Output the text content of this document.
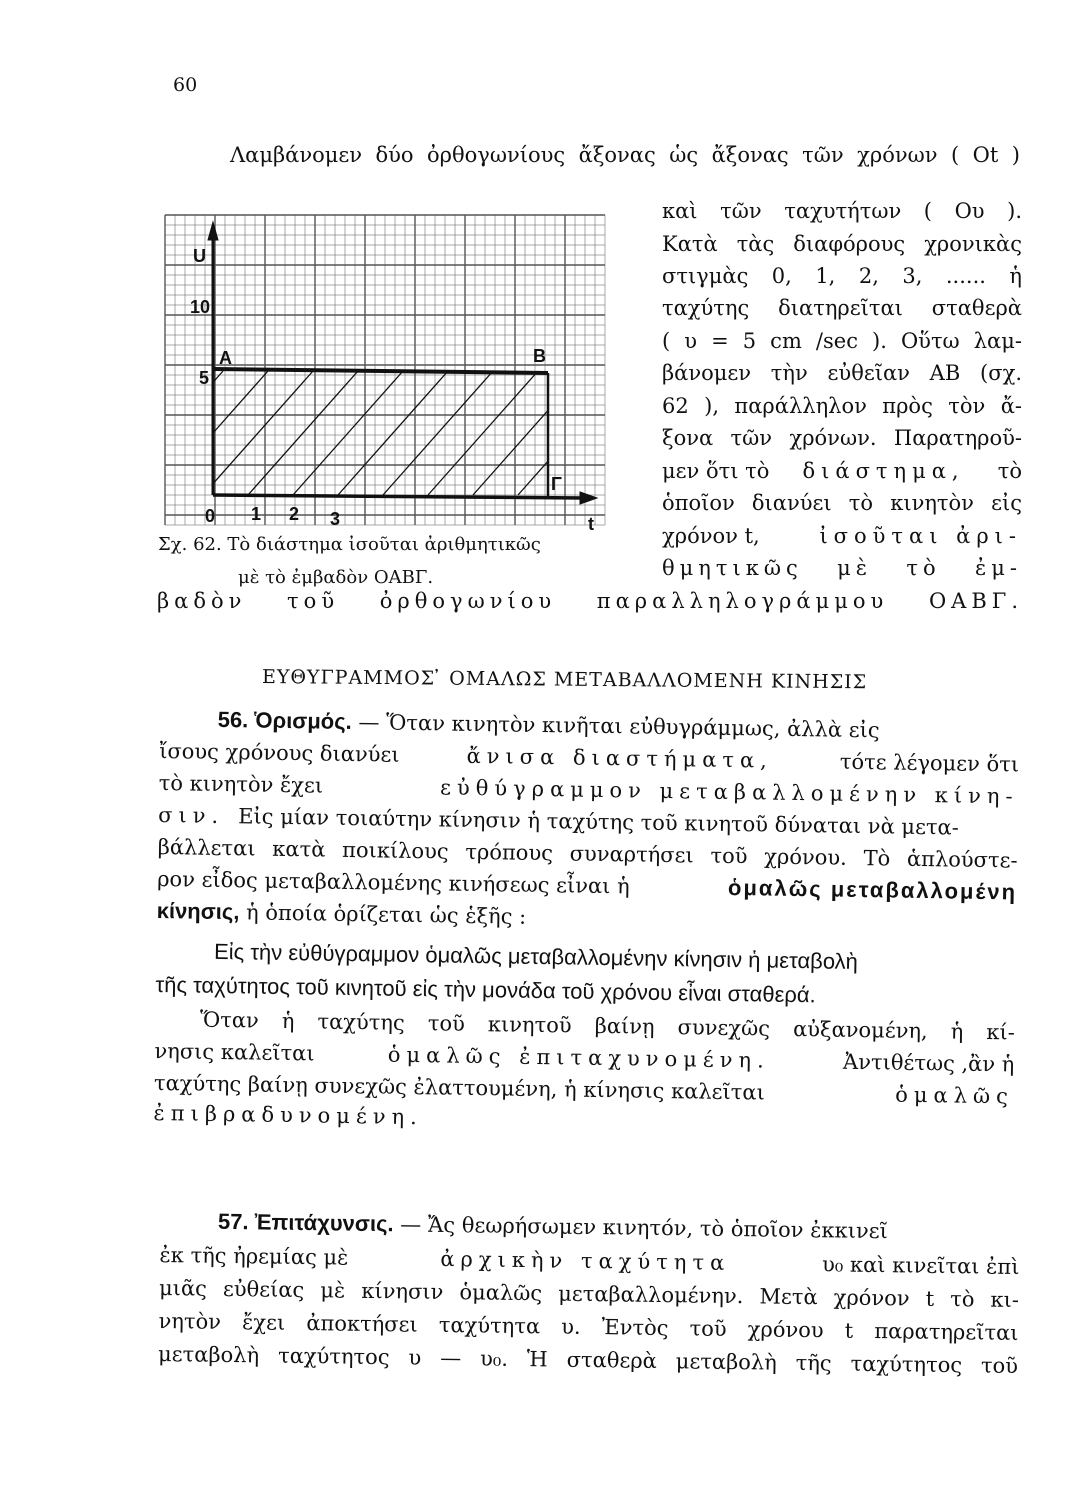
60
Λαμβάνομεν δύο ὀρθογωνίους ἄξονας ὡς ἄξονας τῶν χρόνων ( Οt )
καὶ τῶν ταχυτήτων ( Ου ).
Κατὰ τὰς διαφόρους χρονικὰς
στιγμὰς 0, 1, 2, 3, ...... ἡ
ταχύτης διατηρεῖται σταθερὰ
( υ = 5 cm /sec ). Οὕτω λαμ-
βάνομεν τὴν εὐθεῖαν ΑΒ (σχ.
62 ), παράλληλον πρὸς τὸν ἄ-
ξονα τῶν χρόνων. Παρατηροῦ-
μεν ὅτι τὸ διάστημα, τὸ
ὁποῖον διανύει τὸ κινητὸν εἰς
χρόνον t,	ἰσοῦται ἀρι-
θμητικῶς μὲ τὸ ἐμ-
βαδὸν τοῦ ὀρθογωνίου παραλληλογράμμου ΟΑΒΓ.
U
10
5
A	B
Γ
0 1 2 3	t
Σχ. 62. Τὸ διάστημα ἰσοῦται ἀριθμητικῶς
μὲ τὸ ἐμβαδὸν ΟΑΒΓ.
ΕΥΘΥΓΡΑΜΜΟΣ ̓ ΟΜΑΛΩΣ ΜΕΤΑΒΑΛΛΟΜΕΝΗ ΚΙΝΗΣΙΣ
56. Ὁρισμός. — Ὅταν κινητὸν κινῆται εὐθυγράμμως, ἀλλὰ εἰς
ἴσους χρόνους διανύει	ἄνισα διαστήματα,	τότε λέγομεν ὅτι
τὸ κινητὸν ἔχει	εὐθύγραμμον μεταβαλλομένην κίνη-
σιν. Εἰς μίαν τοιαύτην κίνησιν ἡ ταχύτης τοῦ κινητοῦ δύναται νὰ μετα-
βάλλεται κατὰ ποικίλους τρόπους συναρτήσει τοῦ χρόνου. Τὸ ἁπλούστε-
ρον εἶδος μεταβαλλομένης κινήσεως εἶναι ἡ	ὁμαλῶς μεταβαλλομένη
κίνησις, ἡ ὁποία ὁρίζεται ὡς ἑξῆς :
Εἰς τὴν εὐθύγραμμον ὁμαλῶς μεταβαλλομένην κίνησιν ἡ μεταβολὴ
τῆς ταχύτητος τοῦ κινητοῦ εἰς τὴν μονάδα τοῦ χρόνου εἶναι σταθερά.
Ὅταν ἡ ταχύτης τοῦ κινητοῦ βαίνῃ συνεχῶς αὐξανομένη, ἡ κί-
νησις καλεῖται	ὁμαλῶς ἐπιταχυνομένη.	Ἀντιθέτως ,ἂν ἡ
ταχύτης βαίνῃ συνεχῶς ἐλαττουμένη, ἡ κίνησις καλεῖται	ὁμαλῶς
ἐπιβραδυνομένη.
57. Ἐπιτάχυνσις. — Ἄς θεωρήσωμεν κινητόν, τὸ ὁποῖον ἐκκινεῖ
ἐκ τῆς ἠρεμίας μὲ	ἀρχικὴν ταχύτητα	υ₀ καὶ κινεῖται ἐπὶ
μιᾶς εὐθείας μὲ κίνησιν ὁμαλῶς μεταβαλλομένην. Μετὰ χρόνον t τὸ κι-
νητὸν ἔχει ἀποκτήσει ταχύτητα υ. Ἐντὸς τοῦ χρόνου t παρατηρεῖται
μεταβολὴ ταχύτητος υ — υ₀. Ἡ σταθερὰ μεταβολὴ τῆς ταχύτητος τοῦ
